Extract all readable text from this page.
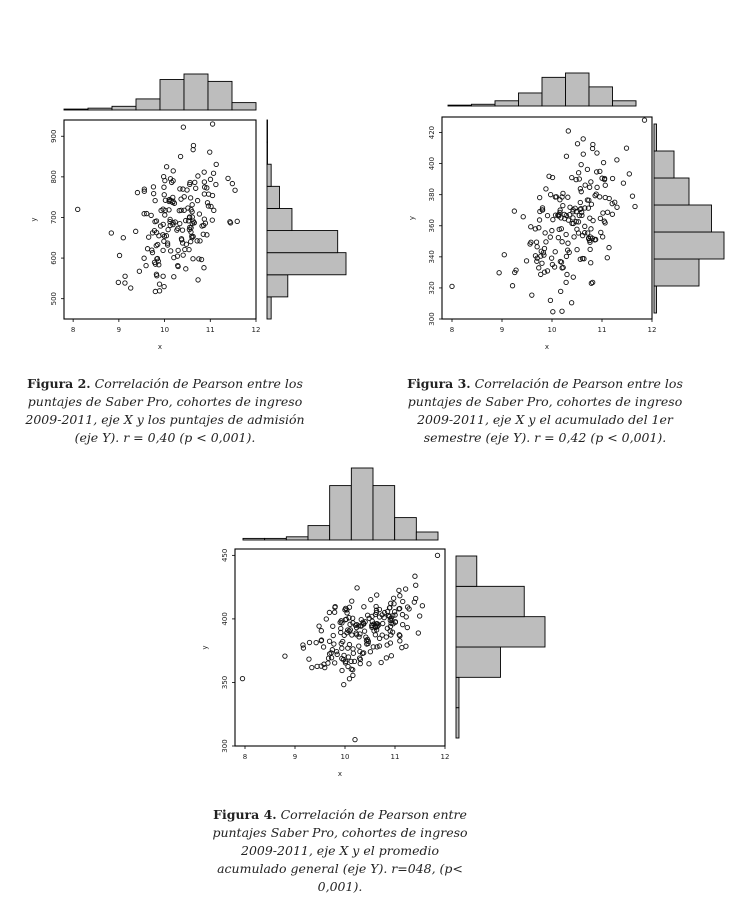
8	9	10	11	12
500
600
700
800
900
x
y
8	9	10	11	12
300
320
340
360
380
400
420
x
y
8	9	10	11	12
300
350
400
450
x
y
Figura 2. Correlación de Pearson entre los puntajes de Saber Pro, cohortes de ingreso 2009-2011, eje X y los puntajes de admisión (eje Y). r = 0,40 (p < 0,001).
Figura 3. Correlación de Pearson entre los puntajes de Saber Pro, cohortes de ingreso 2009-2011, eje X y el acumulado del 1er semestre (eje Y). r = 0,42 (p < 0,001).
Figura 4. Correlación de Pearson entre puntajes Saber Pro, cohortes de ingreso 2009-2011, eje X y el promedio acumulado general (eje Y). r=048, (p< 0,001).
